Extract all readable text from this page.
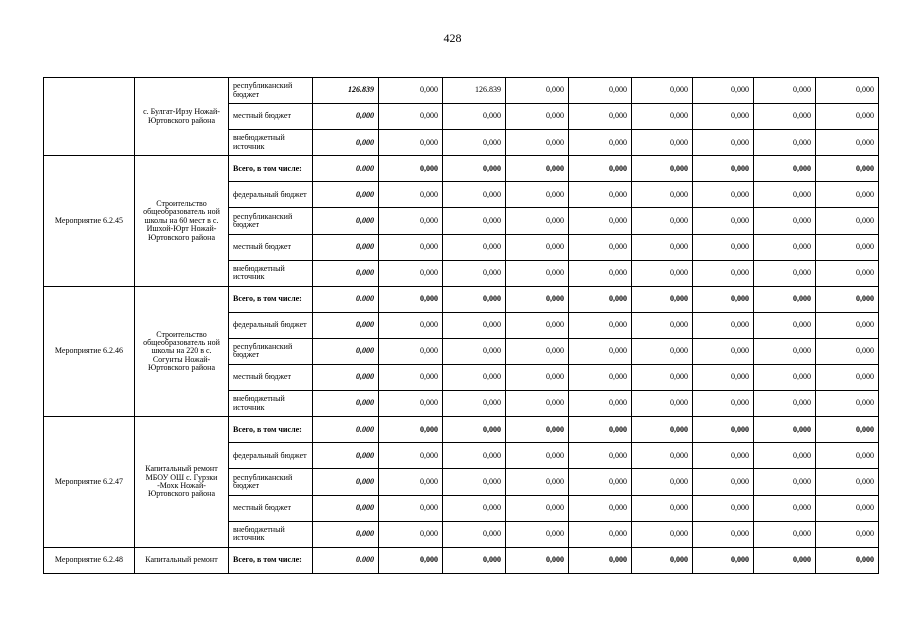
428
	с. Булгат-Ирзу Ножай-Юртовского района	республиканский бюджет	126.839	0,000	126.839	0,000	0,000	0,000	0,000	0,000	0,000
		местный бюджет	0,000	0,000	0,000	0,000	0,000	0,000	0,000	0,000	0,000
		внебюджетный источник	0,000	0,000	0,000	0,000	0,000	0,000	0,000	0,000	0,000
Мероприятие 6.2.45	Строительство общеобразователь ной школы на 60 мест в с. Ишхой-Юрт Ножай-Юртовского района	Всего, в том числе:	0.000	0,000	0,000	0,000	0,000	0,000	0,000	0,000	0,000
		федеральный бюджет	0,000	0,000	0,000	0,000	0,000	0,000	0,000	0,000	0,000
		республиканский бюджет	0,000	0,000	0,000	0,000	0,000	0,000	0,000	0,000	0,000
		местный бюджет	0,000	0,000	0,000	0,000	0,000	0,000	0,000	0,000	0,000
		внебюджетный источник	0,000	0,000	0,000	0,000	0,000	0,000	0,000	0,000	0,000
Мероприятие 6.2.46	Строительство общеобразователь ной школы на 220 в с. Согунты Ножай-Юртовского района	Всего, в том числе:	0.000	0,000	0,000	0,000	0,000	0,000	0,000	0,000	0,000
		федеральный бюджет	0,000	0,000	0,000	0,000	0,000	0,000	0,000	0,000	0,000
		республиканский бюджет	0,000	0,000	0,000	0,000	0,000	0,000	0,000	0,000	0,000
		местный бюджет	0,000	0,000	0,000	0,000	0,000	0,000	0,000	0,000	0,000
		внебюджетный источник	0,000	0,000	0,000	0,000	0,000	0,000	0,000	0,000	0,000
Мероприятие 6.2.47	Капитальный ремонт МБОУ ОШ с. Гурзки -Мохк Ножай-Юртовского района	Всего, в том числе:	0.000	0,000	0,000	0,000	0,000	0,000	0,000	0,000	0,000
		федеральный бюджет	0,000	0,000	0,000	0,000	0,000	0,000	0,000	0,000	0,000
		республиканский бюджет	0,000	0,000	0,000	0,000	0,000	0,000	0,000	0,000	0,000
		местный бюджет	0,000	0,000	0,000	0,000	0,000	0,000	0,000	0,000	0,000
		внебюджетный источник	0,000	0,000	0,000	0,000	0,000	0,000	0,000	0,000	0,000
Мероприятие 6.2.48	Капитальный ремонт	Всего, в том числе:	0.000	0,000	0,000	0,000	0,000	0,000	0,000	0,000	0,000
